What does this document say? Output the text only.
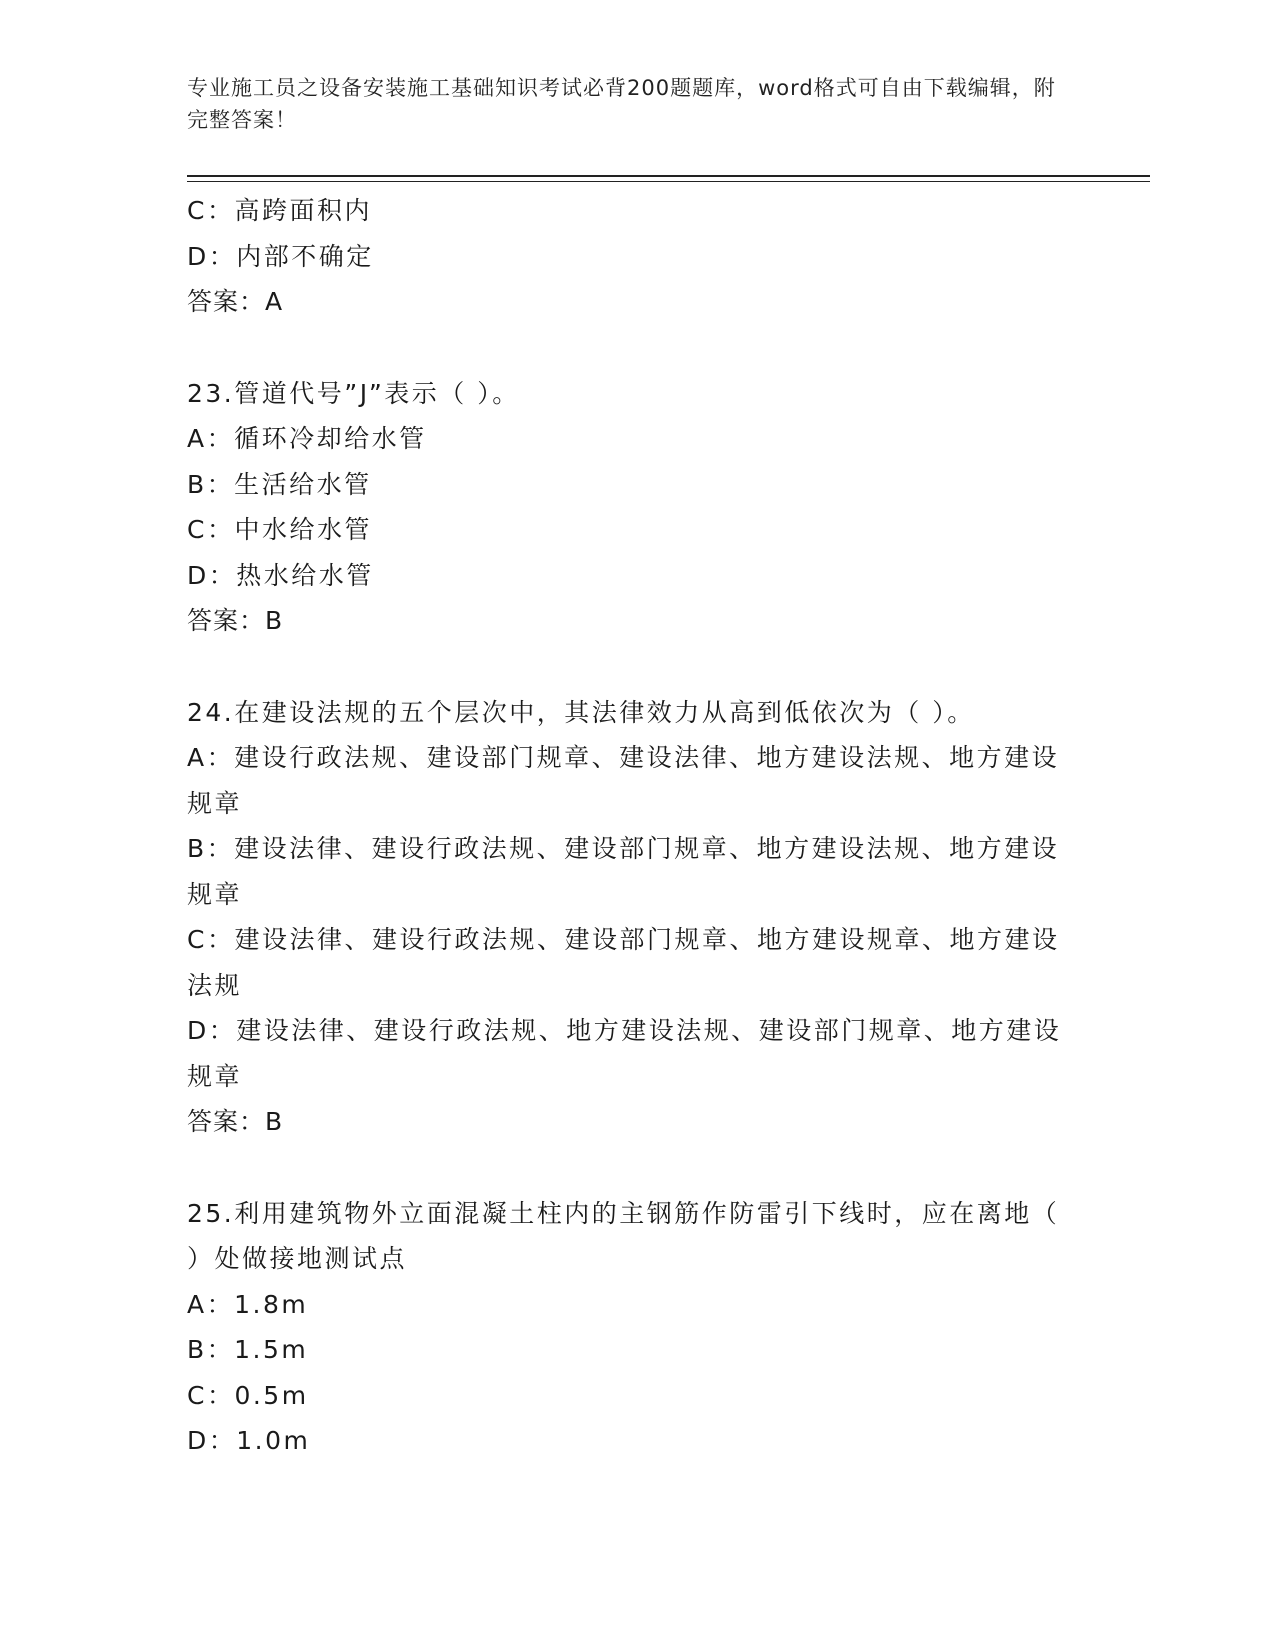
专业施工员之设备安装施工基础知识考试必背200题题库，word格式可自由下载编辑，附完整答案！
C：高跨面积内
D：内部不确定
答案：A
23.管道代号”J”表示（ ）。
A：循环冷却给水管
B：生活给水管
C：中水给水管
D：热水给水管
答案：B
24.在建设法规的五个层次中，其法律效力从高到低依次为（ ）。
A：建设行政法规、建设部门规章、建设法律、地方建设法规、地方建设规章
B：建设法律、建设行政法规、建设部门规章、地方建设法规、地方建设规章
C：建设法律、建设行政法规、建设部门规章、地方建设规章、地方建设法规
D：建设法律、建设行政法规、地方建设法规、建设部门规章、地方建设规章
答案：B
25.利用建筑物外立面混凝土柱内的主钢筋作防雷引下线时，应在离地（ ）处做接地测试点
A：1.8m
B：1.5m
C：0.5m
D：1.0m
